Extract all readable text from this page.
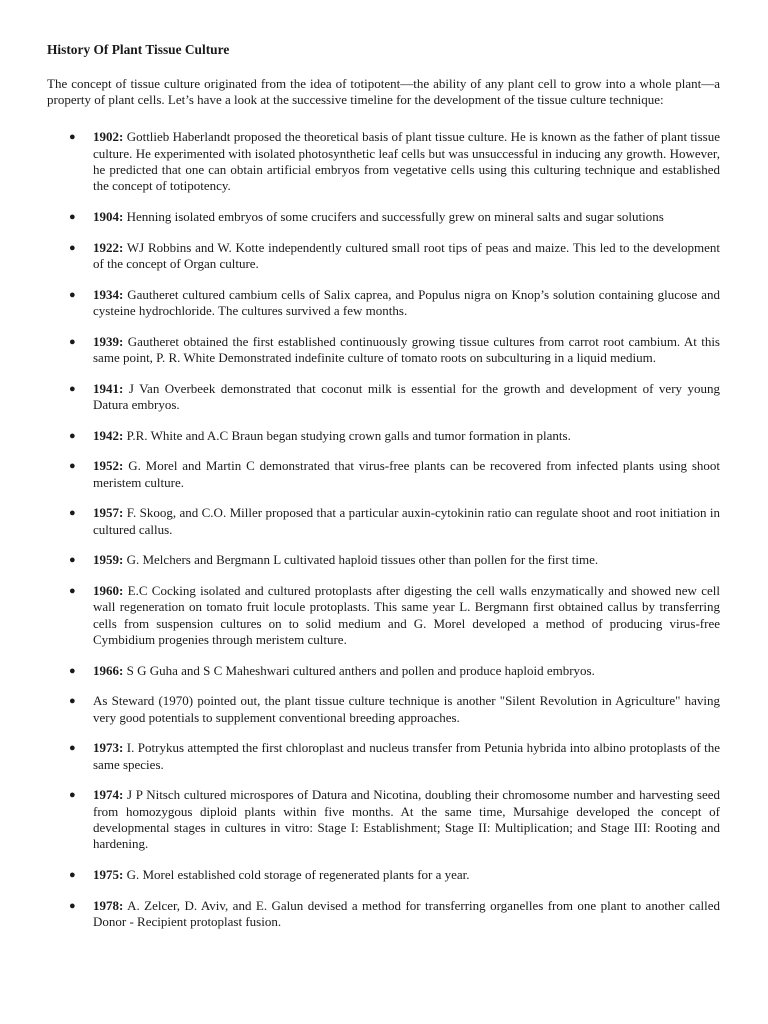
History Of Plant Tissue Culture

The concept of tissue culture originated from the idea of totipotent—the ability of any plant cell to grow into a whole plant—a property of plant cells. Let’s have a look at the successive timeline for the development of the tissue culture technique:

● 1902: Gottlieb Haberlandt proposed the theoretical basis of plant tissue culture. He is known as the father of plant tissue culture. He experimented with isolated photosynthetic leaf cells but was unsuccessful in inducing any growth. However, he predicted that one can obtain artificial embryos from vegetative cells using this culturing technique and established the concept of totipotency.
● 1904: Henning isolated embryos of some crucifers and successfully grew on mineral salts and sugar solutions
● 1922: WJ Robbins and W. Kotte independently cultured small root tips of peas and maize. This led to the development of the concept of Organ culture.
● 1934: Gautheret cultured cambium cells of Salix caprea, and Populus nigra on Knop’s solution containing glucose and cysteine hydrochloride. The cultures survived a few months.
● 1939: Gautheret obtained the first established continuously growing tissue cultures from carrot root cambium. At this same point, P. R. White Demonstrated indefinite culture of tomato roots on subculturing in a liquid medium.
● 1941: J Van Overbeek demonstrated that coconut milk is essential for the growth and development of very young Datura embryos.
● 1942: P.R. White and A.C Braun began studying crown galls and tumor formation in plants.
● 1952: G. Morel and Martin C demonstrated that virus-free plants can be recovered from infected plants using shoot meristem culture.
● 1957: F. Skoog, and C.O. Miller proposed that a particular auxin-cytokinin ratio can regulate shoot and root initiation in cultured callus.
● 1959: G. Melchers and Bergmann L cultivated haploid tissues other than pollen for the first time.
● 1960: E.C Cocking isolated and cultured protoplasts after digesting the cell walls enzymatically and showed new cell wall regeneration on tomato fruit locule protoplasts. This same year L. Bergmann first obtained callus by transferring cells from suspension cultures on to solid medium and G. Morel developed a method of producing virus-free Cymbidium progenies through meristem culture.
● 1966: S G Guha and S C Maheshwari cultured anthers and pollen and produce haploid embryos.
● As Steward (1970) pointed out, the plant tissue culture technique is another "Silent Revolution in Agriculture" having very good potentials to supplement conventional breeding approaches.
● 1973: I. Potrykus attempted the first chloroplast and nucleus transfer from Petunia hybrida into albino protoplasts of the same species.
● 1974: J P Nitsch cultured microspores of Datura and Nicotina, doubling their chromosome number and harvesting seed from homozygous diploid plants within five months. At the same time, Mursahige developed the concept of developmental stages in cultures in vitro: Stage I: Establishment; Stage II: Multiplication; and Stage III: Rooting and hardening.
● 1975: G. Morel established cold storage of regenerated plants for a year.
● 1978: A. Zelcer, D. Aviv, and E. Galun devised a method for transferring organelles from one plant to another called Donor - Recipient protoplast fusion.
